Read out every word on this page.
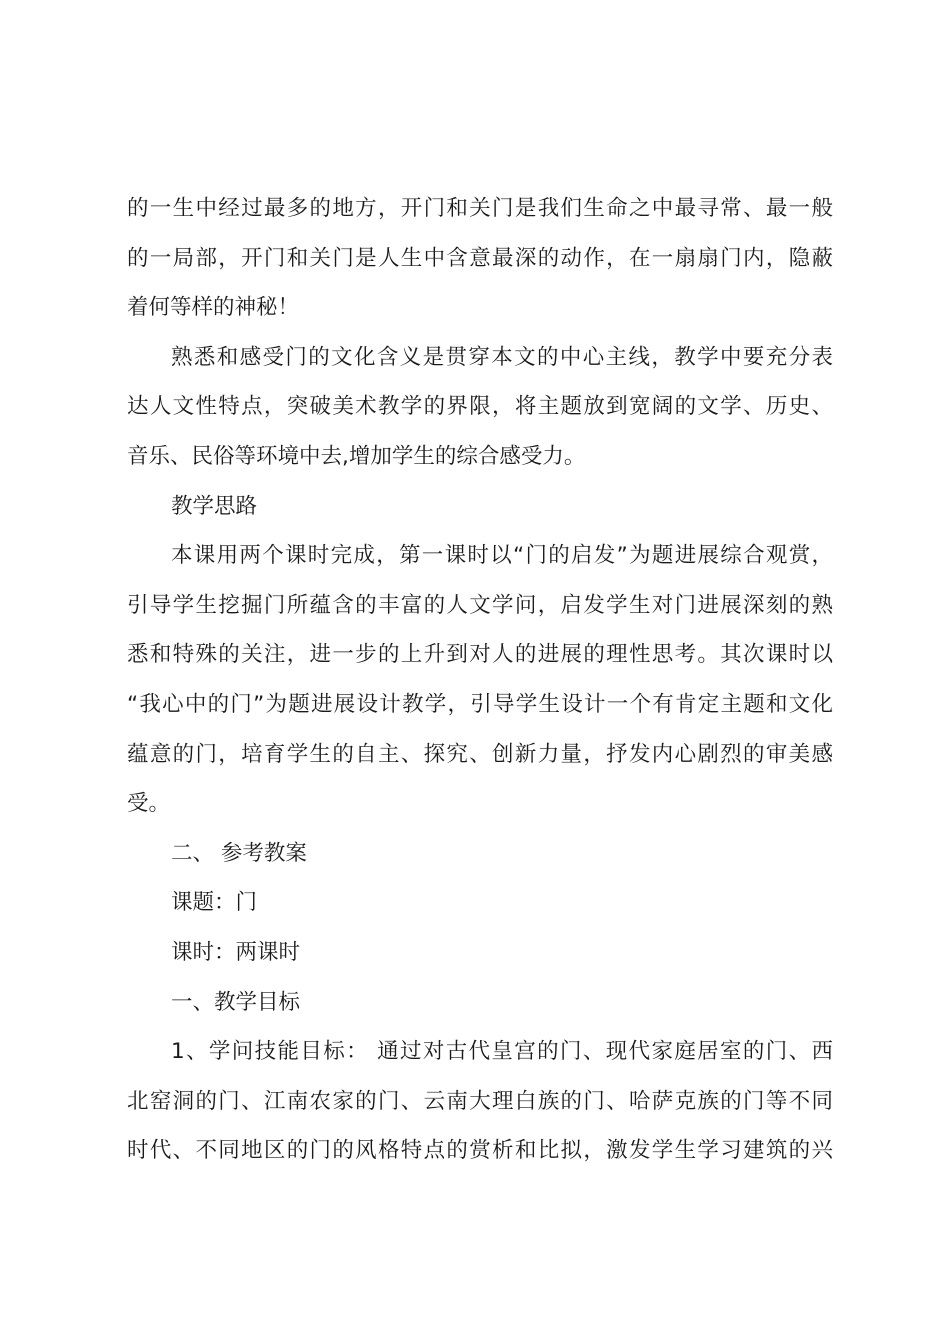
的一生中经过最多的地方，开门和关门是我们生命之中最寻常、最一般
的一局部，开门和关门是人生中含意最深的动作，在一扇扇门内，隐蔽
着何等样的神秘！
熟悉和感受门的文化含义是贯穿本文的中心主线，教学中要充分表
达人文性特点，突破美术教学的界限，将主题放到宽阔的文学、历史、
音乐、民俗等环境中去,增加学生的综合感受力。
教学思路
本课用两个课时完成，第一课时以“门的启发”为题进展综合观赏，
引导学生挖掘门所蕴含的丰富的人文学问，启发学生对门进展深刻的熟
悉和特殊的关注，进一步的上升到对人的进展的理性思考。其次课时以
“我心中的门”为题进展设计教学，引导学生设计一个有肯定主题和文化
蕴意的门，培育学生的自主、探究、创新力量，抒发内心剧烈的审美感
受。
二、 参考教案
课题：门
课时：两课时
一、教学目标
1、学问技能目标： 通过对古代皇宫的门、现代家庭居室的门、西
北窑洞的门、江南农家的门、云南大理白族的门、哈萨克族的门等不同
时代、不同地区的门的风格特点的赏析和比拟，激发学生学习建筑的兴
